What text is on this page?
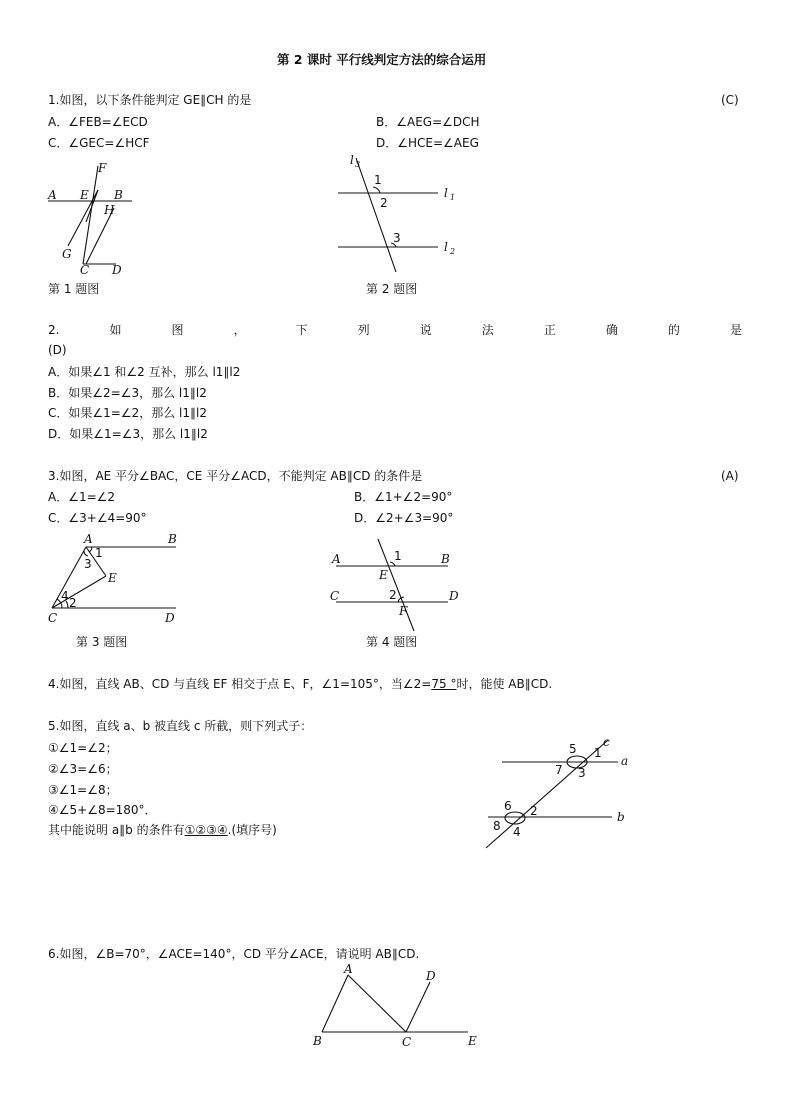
第 2 课时 平行线判定方法的综合运用
1.如图，以下条件能判定 GE∥CH 的是	(C)
A．∠FEB=∠ECD	B．∠AEG=∠DCH
C．∠GEC=∠HCF	D．∠HCE=∠AEG
A E B
F
H
G
C D
第 1 题图
l 3
1
2
3
l 1
l 2
第 2 题图
2.	如	图	，	下	列	说	法	正	确	的	是
(D)
A．如果∠1 和∠2 互补，那么 l1∥l2
B．如果∠2=∠3，那么 l1∥l2
C．如果∠1=∠2，那么 l1∥l2
D．如果∠1=∠3，那么 l1∥l2
3.如图，AE 平分∠BAC，CE 平分∠ACD，不能判定 AB∥CD 的条件是	(A)
A．∠1=∠2	B．∠1+∠2=90°
C．∠3+∠4=90°	D．∠2+∠3=90°
A	B
E
C	D
1
3
4 2
第 3 题图
A	B
C	D
E
F
1
2
第 4 题图
4.如图，直线 AB、CD 与直线 EF 相交于点 E、F，∠1=105°，当∠2=75 °时，能使 AB∥CD.
5.如图，直线 a、b 被直线 c 所截，则下列式子：
①∠1=∠2；
②∠3=∠6；
③∠1=∠8；
④∠5+∠8=180°．
其中能说明 a∥b 的条件有①②③④.(填序号)
c
a
b
5 1
7 3
6 2
8 4
6.如图，∠B=70°，∠ACE=140°，CD 平分∠ACE，请说明 AB∥CD.
A	D
B	C	E
